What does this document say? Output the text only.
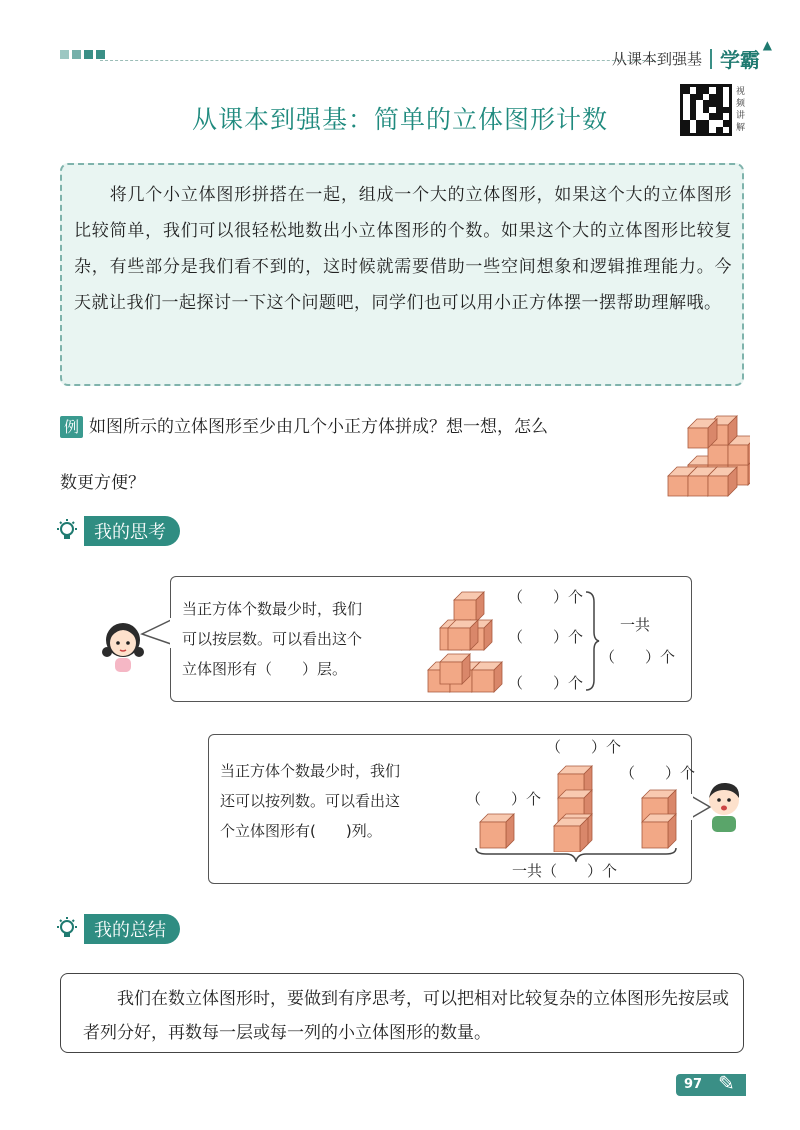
从课本到强基 学霸
▲
从课本到强基：简单的立体图形计数
视频讲解

将几个小立体图形拼搭在一起，组成一个大的立体图形，如果这个大的立体图形比较简单，我们可以很轻松地数出小立体图形的个数。如果这个大的立体图形比较复杂，有些部分是我们看不到的，这时候就需要借助一些空间想象和逻辑推理能力。今天就让我们一起探讨一下这个问题吧，同学们也可以用小正方体摆一摆帮助理解哦。

例 如图所示的立体图形至少由几个小正方体拼成？想一想，怎么
数更方便？
我的思考
当正方体个数最少时，我们
可以按层数。可以看出这个
立体图形有（　　）层。
（　　）个
（　　）个
（　　）个
一共
（　　）个
当正方体个数最少时，我们
还可以按列数。可以看出这
个立体图形有(　　)列。
（　　）个
（　　）个
（　　）个
一共（　　）个
我的总结

我们在数立体图形时，要做到有序思考，可以把相对比较复杂的立体图形先按层或者列分好，再数每一层或每一列的小立体图形的数量。

97 ✎
